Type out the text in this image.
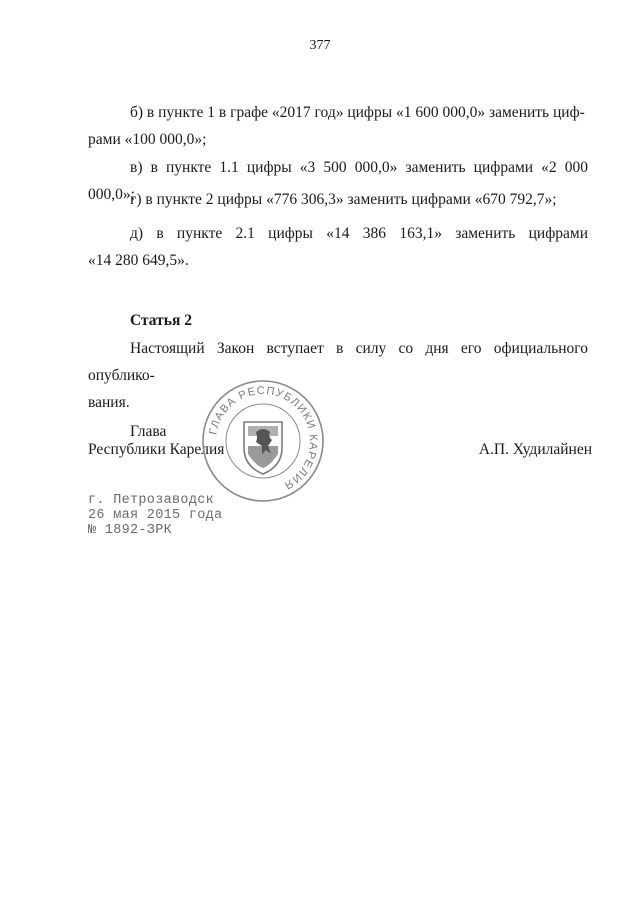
377
б) в пункте 1 в графе «2017 год» цифры «1 600 000,0» заменить циф-
рами «100 000,0»;
в) в пункте 1.1 цифры «3 500 000,0» заменить цифрами «2 000 000,0»;
г) в пункте 2 цифры «776 306,3» заменить цифрами «670 792,7»;
д) в пункте 2.1 цифры «14 386 163,1» заменить цифрами
«14 280 649,5».
Статья 2
Настоящий Закон вступает в силу со дня его официального опублико-
вания.
Глава
Республики Карелия	А.П. Худилайнен
ГЛАВА РЕСПУБЛИКИ КАРЕЛИЯ
г. Петрозаводск
26 мая 2015 года
№ 1892-ЗРК
